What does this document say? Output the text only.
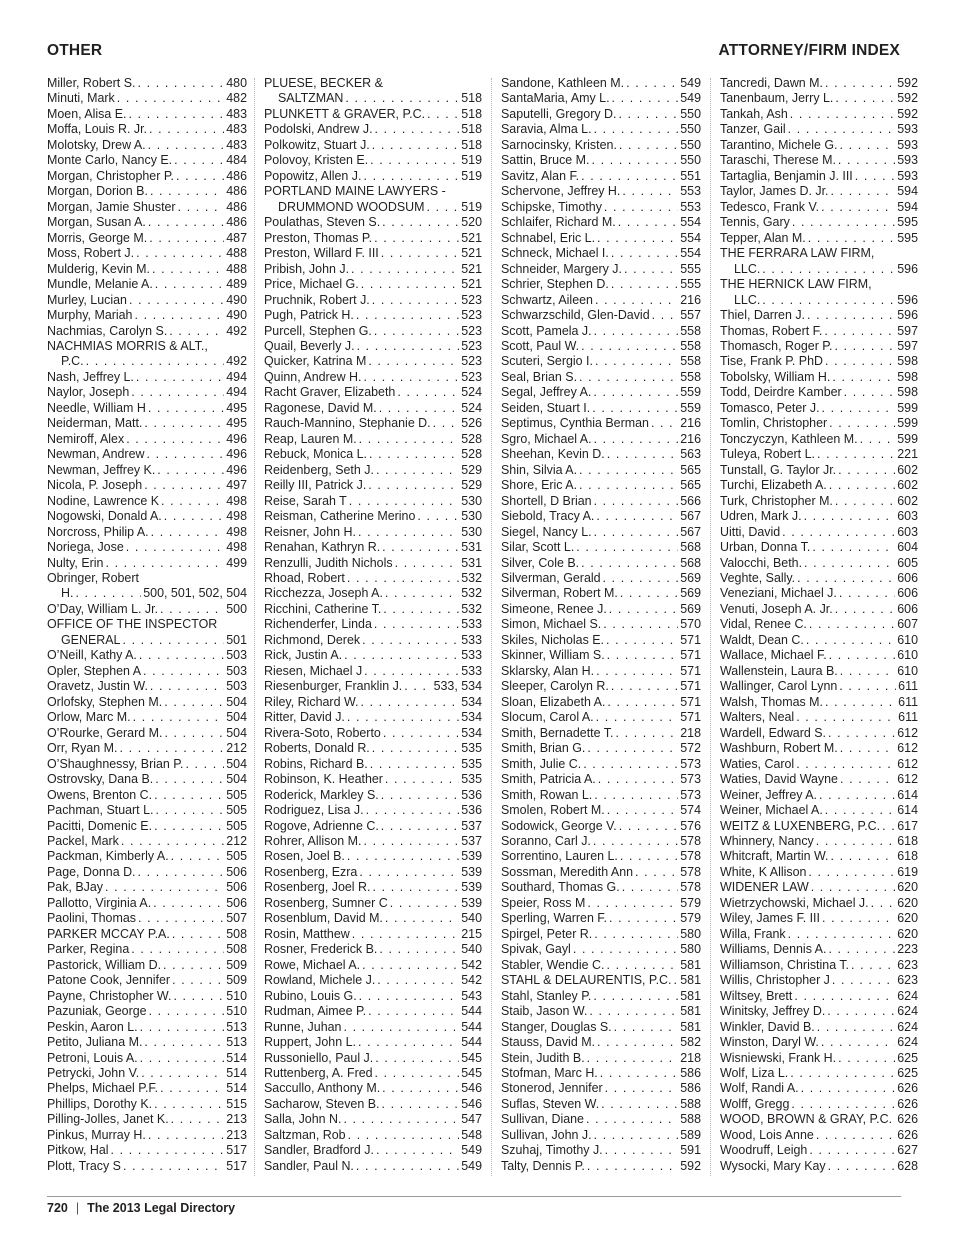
OTHER	ATTORNEY/FIRM INDEX
Miller, Robert S. . . .	480
Minuti, Mark . . .	482
Moen, Alisa E. . . .	483
Moffa, Louis R. Jr. . . .	483
Molotsky, Drew A. . . .	483
Monte Carlo, Nancy E. . . .	484
Morgan, Christopher P. . . .	486
Morgan, Dorion B. . . .	486
Morgan, Jamie Shuster . . .	486
Morgan, Susan A. . . .	486
Morris, George M. . . .	487
Moss, Robert J. . . .	488
Mulderig, Kevin M. . . .	488
Mundle, Melanie A. . . .	489
Murley, Lucian . . .	490
Murphy, Mariah . . .	490
Nachmias, Carolyn S. . . .	492
NACHMIAS MORRIS & ALT.,
P.C. . . .	492
Nash, Jeffrey L. . . .	494
Naylor, Joseph . . .	494
Needle, William H . . .	495
Neiderman, Matt. . . .	495
Nemiroff, Alex . . .	496
Newman, Andrew . . .	496
Newman, Jeffrey K. . . .	496
Nicola, P. Joseph . . .	497
Nodine, Lawrence K . . .	498
Nogowski, Donald A. . . .	498
Norcross, Philip A. . . .	498
Noriega, Jose . . .	498
Nulty, Erin . . .	499
Obringer, Robert
H. . . .	500, 501, 502, 504
O’Day, William L. Jr. . . .	500
OFFICE OF THE INSPECTOR
GENERAL . . .	501
O’Neill, Kathy A. . . .	503
Opler, Stephen A . . .	503
Oravetz, Justin W. . . .	503
Orlofsky, Stephen M. . . .	504
Orlow, Marc M. . . .	504
O’Rourke, Gerard M. . . .	504
Orr, Ryan M. . . .	212
O’Shaughnessy, Brian P. . . .	504
Ostrovsky, Dana B. . . .	504
Owens, Brenton C. . . .	505
Pachman, Stuart L. . . .	505
Pacitti, Domenic E. . . .	505
Packel, Mark . . .	212
Packman, Kimberly A. . . .	505
Page, Donna D. . . .	506
Pak, BJay . . .	506
Pallotto, Virginia A. . . .	506
Paolini, Thomas . . .	507
PARKER MCCAY P.A. . . .	508
Parker, Regina . . .	508
Pastorick, William D. . . .	509
Patone Cook, Jennifer . . .	509
Payne, Christopher W. . . .	510
Pazuniak, George . . .	510
Peskin, Aaron L. . . .	513
Petito, Juliana M. . . .	513
Petroni, Louis A. . . .	514
Petrycki, John V. . . .	514
Phelps, Michael P.F. . . .	514
Phillips, Dorothy K. . . .	515
Pilling-Jolles, Janet K. . . .	213
Pinkus, Murray H. . . .	213
Pitkow, Hal . . .	517
Plott, Tracy S . . .	517
PLUESE, BECKER &
SALTZMAN . . .	518
PLUNKETT & GRAVER, P.C. . . .	518
Podolski, Andrew J. . . .	518
Polkowitz, Stuart J. . . .	518
Polovoy, Kristen E. . . .	519
Popowitz, Allen J. . . .	519
PORTLAND MAINE LAWYERS -
DRUMMOND WOODSUM . . .	519
Poulathas, Steven S. . . .	520
Preston, Thomas P. . . .	521
Preston, Willard F. III . . .	521
Pribish, John J. . . .	521
Price, Michael G. . . .	521
Pruchnik, Robert J. . . .	523
Pugh, Patrick H. . . .	523
Purcell, Stephen G. . . .	523
Quail, Beverly J. . . .	523
Quicker, Katrina M . . .	523
Quinn, Andrew H. . . .	523
Racht Graver, Elizabeth . . .	524
Ragonese, David M. . . .	524
Rauch-Mannino, Stephanie D. . . . 526
Reap, Lauren M. . . .	528
Rebuck, Monica L. . . .	528
Reidenberg, Seth J. . . .	529
Reilly III, Patrick J. . . .	529
Reise, Sarah T . . .	530
Reisman, Catherine Merino . . .	530
Reisner, John H. . . .	530
Renahan, Kathryn R. . . .	531
Renzulli, Judith Nichols . . .	531
Rhoad, Robert . . .	532
Ricchezza, Joseph A. . . .	532
Ricchini, Catherine T. . . .	532
Richenderfer, Linda . . .	533
Richmond, Derek . . .	533
Rick, Justin A. . . .	533
Riesen, Michael J . . .	533
Riesenburger, Franklin J. . . .	533, 534
Riley, Richard W. . . .	534
Ritter, David J. . . .	534
Rivera-Soto, Roberto . . .	534
Roberts, Donald R. . . .	535
Robins, Richard B. . . .	535
Robinson, K. Heather . . .	535
Roderick, Markley S. . . .	536
Rodriguez, Lisa J. . . .	536
Rogove, Adrienne C. . . .	537
Rohrer, Allison M. . . .	537
Rosen, Joel B. . . .	539
Rosenberg, Ezra . . .	539
Rosenberg, Joel R. . . .	539
Rosenberg, Sumner C . . .	539
Rosenblum, David M. . . .	540
Rosin, Matthew . . .	215
Rosner, Frederick B. . . .	540
Rowe, Michael A. . . .	542
Rowland, Michele J. . . .	542
Rubino, Louis G. . . .	543
Rudman, Aimee P. . . .	544
Runne, Juhan . . .	544
Ruppert, John L. . . .	544
Russoniello, Paul J. . . .	545
Ruttenberg, A. Fred . . .	545
Saccullo, Anthony M. . . .	546
Sacharow, Steven B. . . .	546
Salla, John N. . . .	547
Saltzman, Rob . . .	548
Sandler, Bradford J. . . .	549
Sandler, Paul N. . . .	549
Sandone, Kathleen M. . . .	549
SantaMaria, Amy L. . . .	549
Saputelli, Gregory D. . . .	550
Saravia, Alma L. . . .	550
Sarnocinsky, Kristen. . . .	550
Sattin, Bruce M. . . .	550
Savitz, Alan F. . . .	551
Schervone, Jeffrey H. . . .	553
Schipske, Timothy . . .	553
Schlaifer, Richard M. . . .	554
Schnabel, Eric L. . . .	554
Schneck, Michael I. . . .	554
Schneider, Margery J. . . .	555
Schrier, Stephen D. . . .	555
Schwartz, Aileen . . .	216
Schwarzschild, Glen-David . . . 557
Scott, Pamela J. . . .	558
Scott, Paul W. . . .	558
Scuteri, Sergio I. . . .	558
Seal, Brian S. . . .	558
Segal, Jeffrey A. . . .	559
Seiden, Stuart I. . . .	559
Septimus, Cynthia Berman . . .	216
Sgro, Michael A. . . .	216
Sheehan, Kevin D. . . .	563
Shin, Silvia A. . . .	565
Shore, Eric A. . . .	565
Shortell, D Brian . . .	566
Siebold, Tracy A. . . .	567
Siegel, Nancy L. . . .	567
Silar, Scott L. . . .	568
Silver, Cole B. . . .	568
Silverman, Gerald . . .	569
Silverman, Robert M. . . .	569
Simeone, Renee J. . . .	569
Simon, Michael S. . . .	570
Skiles, Nicholas E. . . .	571
Skinner, William S. . . .	571
Sklarsky, Alan H. . . .	571
Sleeper, Carolyn R. . . .	571
Sloan, Elizabeth A. . . .	571
Slocum, Carol A. . . .	571
Smith, Bernadette T. . . .	218
Smith, Brian G. . . .	572
Smith, Julie C. . . .	573
Smith, Patricia A. . . .	573
Smith, Rowan L. . . .	573
Smolen, Robert M. . . .	574
Sodowick, George V. . . .	576
Soranno, Carl J. . . .	578
Sorrentino, Lauren L. . . .	578
Sossman, Meredith Ann . . .	578
Southard, Thomas G. . . .	578
Speier, Ross M . . .	579
Sperling, Warren F. . . .	579
Spirgel, Peter R. . . .	580
Spivak, Gayl . . .	580
Stabler, Wendie C. . . .	581
STAHL & DELAURENTIS, P.C. . . . 581
Stahl, Stanley P. . . .	581
Staib, Jason W. . . .	581
Stanger, Douglas S. . . .	581
Stauss, David M. . . .	582
Stein, Judith B. . . .	218
Stofman, Marc H. . . .	586
Stonerod, Jennifer . . .	586
Suflas, Steven W. . . .	588
Sullivan, Diane . . .	588
Sullivan, John J. . . .	589
Szuhaj, Timothy J. . . .	591
Talty, Dennis P. . . .	592
Tancredi, Dawn M. . . .	592
Tanenbaum, Jerry L. . . .	592
Tankah, Ash . . .	592
Tanzer, Gail . . .	593
Tarantino, Michele G. . . .	593
Taraschi, Therese M. . . .	593
Tartaglia, Benjamin J. III . . .	593
Taylor, James D. Jr. . . .	594
Tedesco, Frank V. . . .	594
Tennis, Gary . . .	595
Tepper, Alan M. . . .	595
THE FERRARA LAW FIRM,
LLC. . . .	596
THE HERNICK LAW FIRM,
LLC. . . .	596
Thiel, Darren J. . . .	596
Thomas, Robert F. . . .	597
Thomasch, Roger P. . . .	597
Tise, Frank P. PhD . . .	598
Tobolsky, William H. . . .	598
Todd, Deirdre Kamber . . .	598
Tomasco, Peter J. . . .	599
Tomlin, Christopher . . .	599
Tonczyczyn, Kathleen M. . . .	599
Tuleya, Robert L. . . .	221
Tunstall, G. Taylor Jr. . . .	602
Turchi, Elizabeth A. . . .	602
Turk, Christopher M. . . .	602
Udren, Mark J. . . .	603
Uitti, David . . .	603
Urban, Donna T. . . .	604
Valocchi, Beth. . . .	605
Veghte, Sally. . . .	606
Veneziani, Michael J. . . .	606
Venuti, Joseph A. Jr. . . .	606
Vidal, Renee C. . . .	607
Waldt, Dean C. . . .	610
Wallace, Michael F. . . .	610
Wallenstein, Laura B. . . .	610
Wallinger, Carol Lynn . . .	611
Walsh, Thomas M. . . .	611
Walters, Neal . . .	611
Wardell, Edward S. . . .	612
Washburn, Robert M. . . .	612
Waties, Carol . . .	612
Waties, David Wayne . . .	612
Weiner, Jeffrey A. . . .	614
Weiner, Michael A. . . .	614
WEITZ & LUXENBERG, P.C. . . . 617
Whinnery, Nancy . . .	618
Whitcraft, Martin W. . . .	618
White, K Allison . . .	619
WIDENER LAW . . .	620
Wietrzychowski, Michael J. . . . 620
Wiley, James F. III . . .	620
Willa, Frank . . .	620
Williams, Dennis A. . . .	223
Williamson, Christina T. . . .	623
Willis, Christopher J . . .	623
Wiltsey, Brett . . .	624
Winitsky, Jeffrey D. . . .	624
Winkler, David B. . . .	624
Winston, Daryl W. . . .	624
Wisniewski, Frank H. . . .	625
Wolf, Liza L. . . .	625
Wolf, Randi A. . . .	626
Wolff, Gregg . . .	626
WOOD, BROWN & GRAY, P.C. . . . 626
Wood, Lois Anne . . .	626
Woodruff, Leigh . . .	627
Wysocki, Mary Kay . . .	628
720 | The 2013 Legal Directory
